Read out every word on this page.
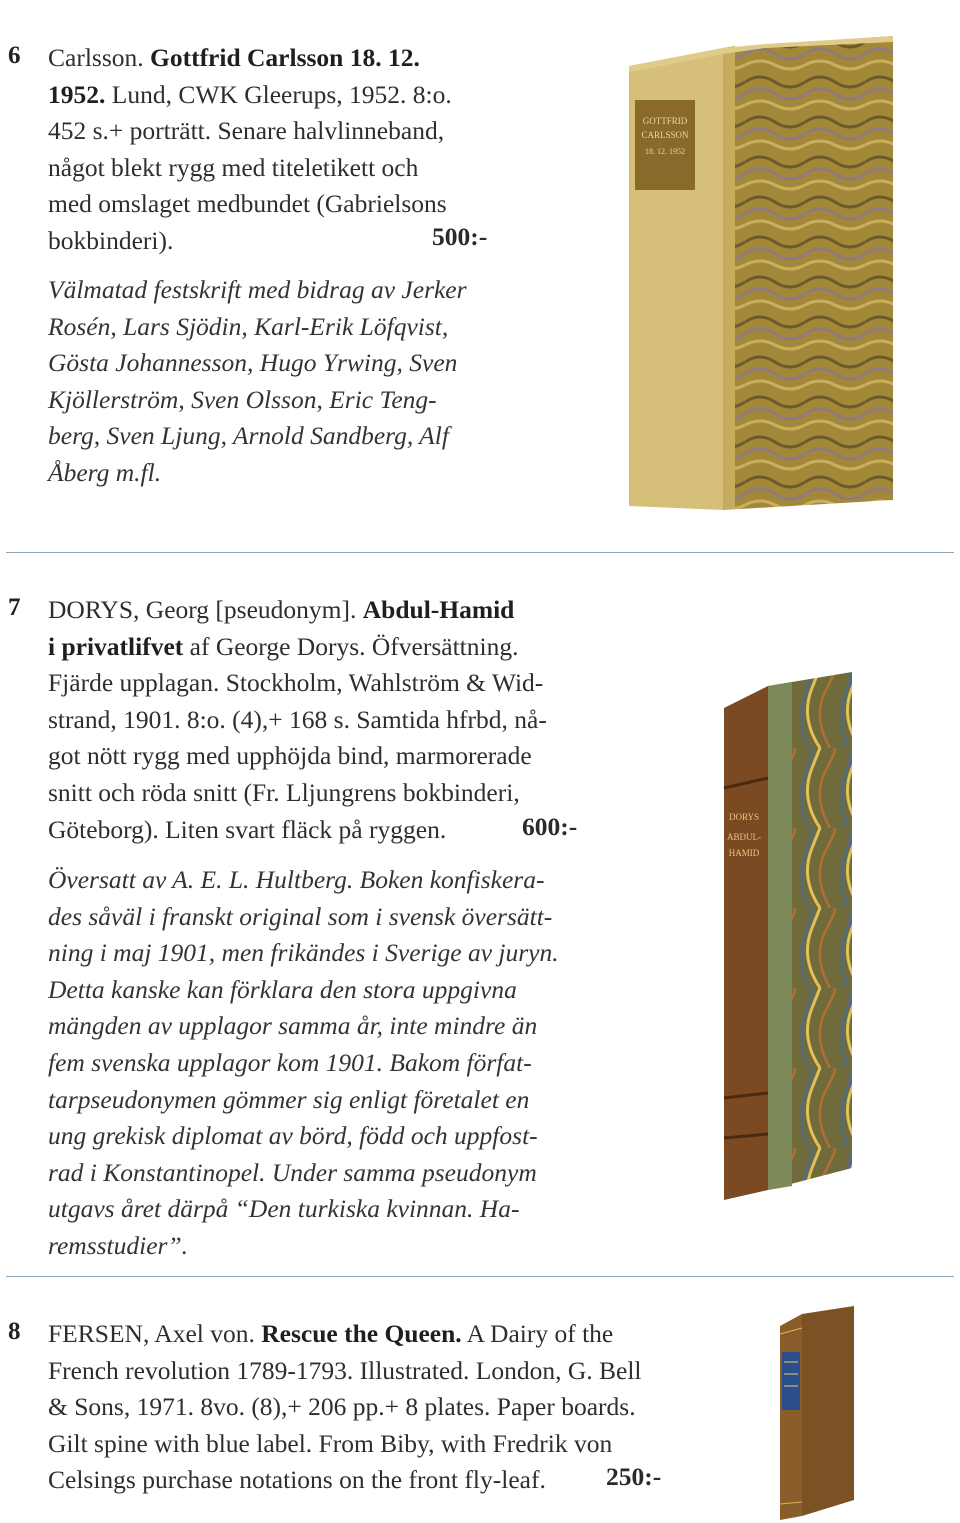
6 Carlsson. Gottfrid Carlsson 18. 12.
1952. Lund, CWK Gleerups, 1952. 8:o.
452 s.+ porträtt. Senare halvlinneband,
något blekt rygg med titeletikett och
med omslaget medbundet (Gabrielsons
bokbinderi).	500:-
Välmatad festskrift med bidrag av Jerker
Rosén, Lars Sjödin, Karl-Erik Löfqvist,
Gösta Johannesson, Hugo Yrwing, Sven
Kjöllerström, Sven Olsson, Eric Teng-
berg, Sven Ljung, Arnold Sandberg, Alf
Åberg m.fl.
GOTTFRID
CARLSSON
18. 12. 1952
7 DORYS, Georg [pseudonym]. Abdul-Hamid
i privatlifvet af George Dorys. Öfversättning.
Fjärde upplagan. Stockholm, Wahlström & Wid-
strand, 1901. 8:o. (4),+ 168 s. Samtida hfrbd, nå-
got nött rygg med upphöjda bind, marmorerade
snitt och röda snitt (Fr. Lljungrens bokbinderi,
Göteborg). Liten svart fläck på ryggen.	600:-
Översatt av A. E. L. Hultberg. Boken konfiskera-
des såväl i franskt original som i svensk översätt-
ning i maj 1901, men frikändes i Sverige av juryn.
Detta kanske kan förklara den stora uppgivna
mängden av upplagor samma år, inte mindre än
fem svenska upplagor kom 1901. Bakom förfat-
tarpseudonymen gömmer sig enligt företalet en
ung grekisk diplomat av börd, född och uppfost-
rad i Konstantinopel. Under samma pseudonym
utgavs året därpå “Den turkiska kvinnan. Ha-
remsstudier”.
DORYS
ABDUL-
HAMID
8 FERSEN, Axel von. Rescue the Queen. A Dairy of the
French revolution 1789-1793. Illustrated. London, G. Bell
& Sons, 1971. 8vo. (8),+ 206 pp.+ 8 plates. Paper boards.
Gilt spine with blue label. From Biby, with Fredrik von
Celsings purchase notations on the front fly-leaf.	250:-
